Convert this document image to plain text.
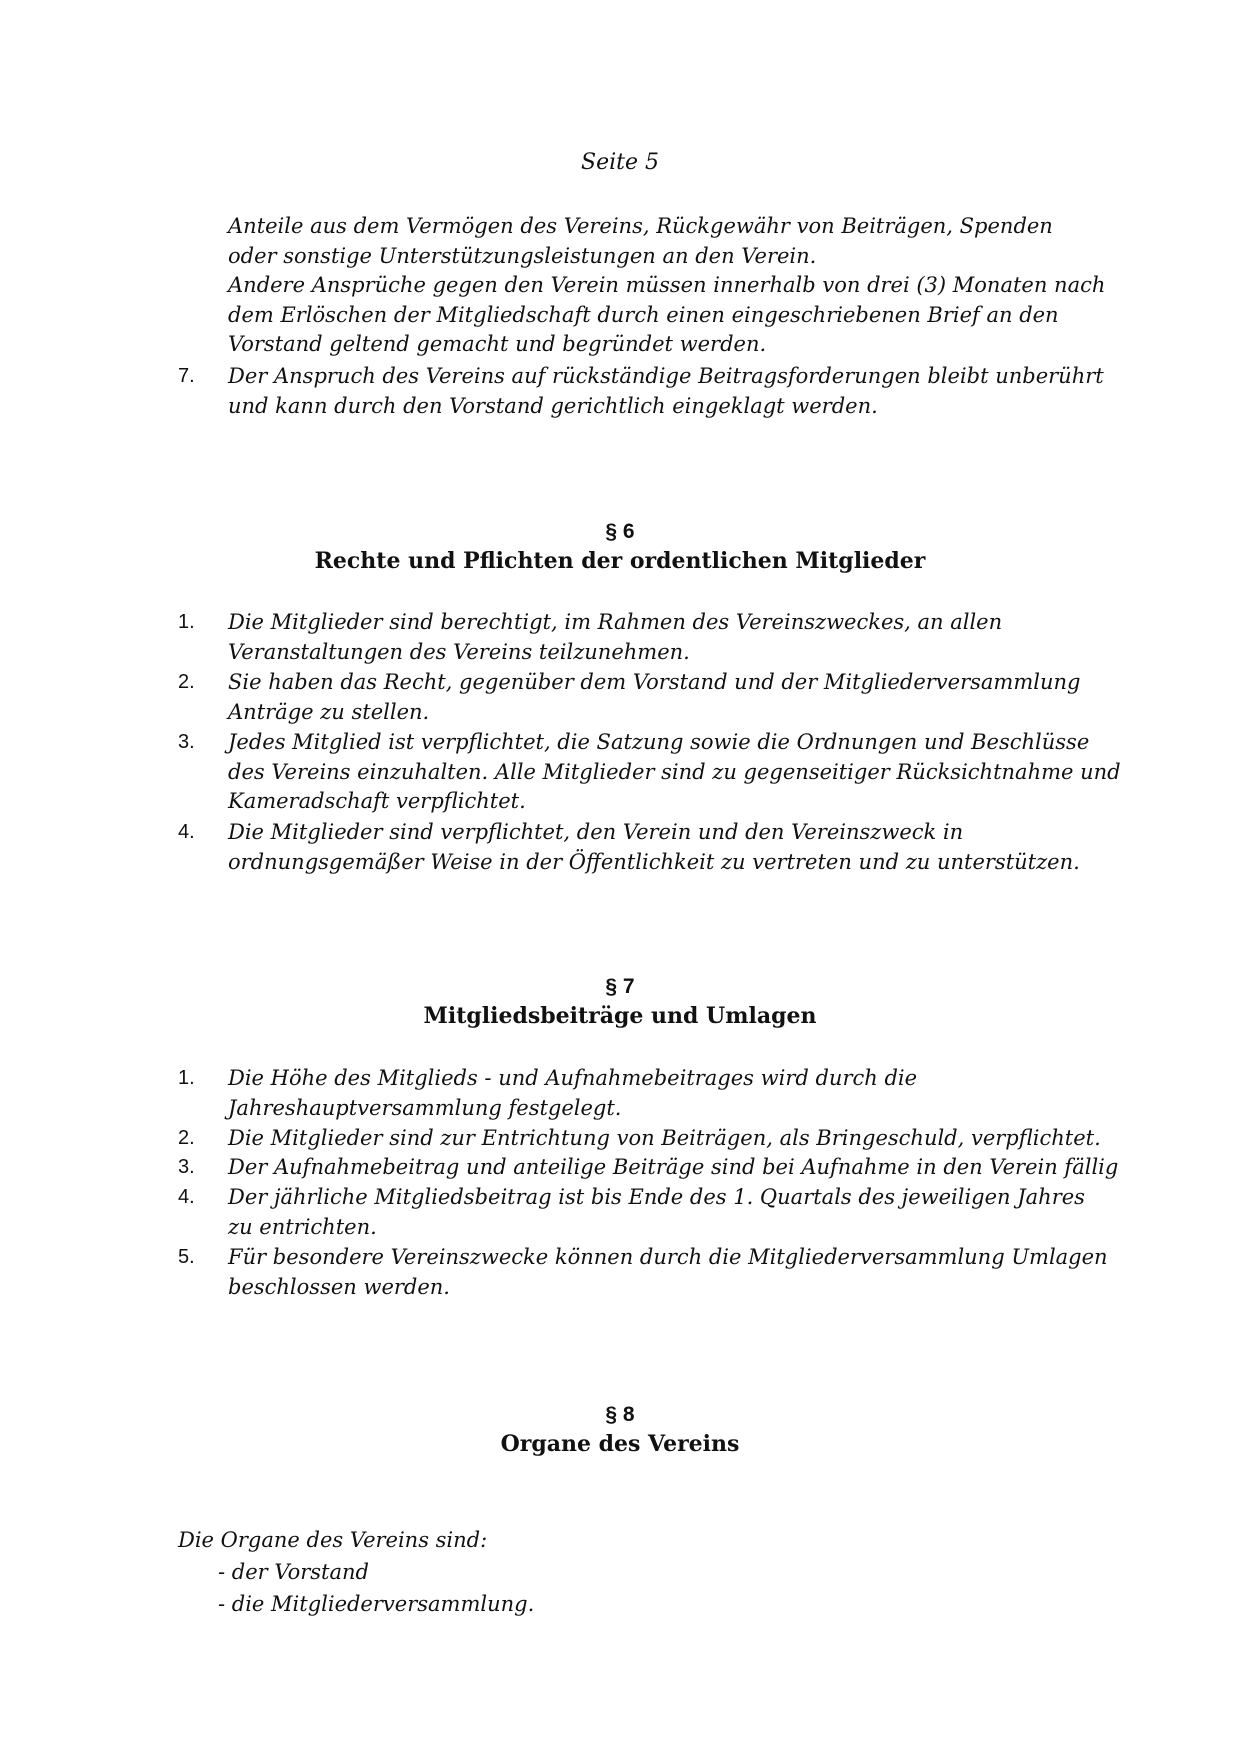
Seite 5
Anteile aus dem Vermögen des Vereins, Rückgewähr von Beiträgen, Spenden
oder sonstige Unterstützungsleistungen an den Verein.
Andere Ansprüche gegen den Verein müssen innerhalb von drei (3) Monaten nach
dem Erlöschen der Mitgliedschaft durch einen eingeschriebenen Brief an den
Vorstand geltend gemacht und begründet werden.
7. Der Anspruch des Vereins auf rückständige Beitragsforderungen bleibt unberührt
und kann durch den Vorstand gerichtlich eingeklagt werden.
§ 6
Rechte und Pflichten der ordentlichen Mitglieder
1. Die Mitglieder sind berechtigt, im Rahmen des Vereinszweckes, an allen
Veranstaltungen des Vereins teilzunehmen.
2. Sie haben das Recht, gegenüber dem Vorstand und der Mitgliederversammlung
Anträge zu stellen.
3. Jedes Mitglied ist verpflichtet, die Satzung sowie die Ordnungen und Beschlüsse
des Vereins einzuhalten. Alle Mitglieder sind zu gegenseitiger Rücksichtnahme und
Kameradschaft verpflichtet.
4. Die Mitglieder sind verpflichtet, den Verein und den Vereinszweck in
ordnungsgemäßer Weise in der Öffentlichkeit zu vertreten und zu unterstützen.
§ 7
Mitgliedsbeiträge und Umlagen
1. Die Höhe des Mitglieds - und Aufnahmebeitrages wird durch die
Jahreshauptversammlung festgelegt.
2. Die Mitglieder sind zur Entrichtung von Beiträgen, als Bringeschuld, verpflichtet.
3. Der Aufnahmebeitrag und anteilige Beiträge sind bei Aufnahme in den Verein fällig
4. Der jährliche Mitgliedsbeitrag ist bis Ende des 1. Quartals des jeweiligen Jahres
zu entrichten.
5. Für besondere Vereinszwecke können durch die Mitgliederversammlung Umlagen
beschlossen werden.
§ 8
Organe des Vereins
Die Organe des Vereins sind:
- der Vorstand
- die Mitgliederversammlung.
